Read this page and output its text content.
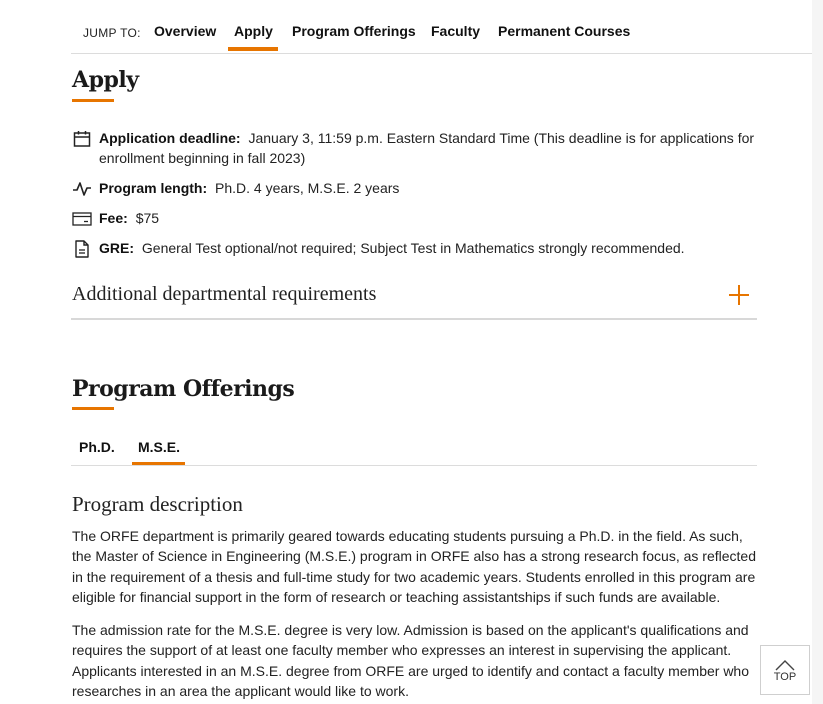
JUMP TO: Overview Apply Program Offerings Faculty Permanent Courses
Apply
Application deadline: January 3, 11:59 p.m. Eastern Standard Time (This deadline is for applications for enrollment beginning in fall 2023)
Program length: Ph.D. 4 years, M.S.E. 2 years
Fee: $75
GRE: General Test optional/not required; Subject Test in Mathematics strongly recommended.
Additional departmental requirements
Program Offerings
Ph.D. M.S.E.
Program description

The ORFE department is primarily geared towards educating students pursuing a Ph.D. in the field. As such, the Master of Science in Engineering (M.S.E.) program in ORFE also has a strong research focus, as reflected in the requirement of a thesis and full-time study for two academic years. Students enrolled in this program are eligible for financial support in the form of research or teaching assistantships if such funds are available.

The admission rate for the M.S.E. degree is very low. Admission is based on the applicant's qualifications and requires the support of at least one faculty member who expresses an interest in supervising the applicant. Applicants interested in an M.S.E. degree from ORFE are urged to identify and contact a faculty member who researches in an area the applicant would like to work.

TOP
